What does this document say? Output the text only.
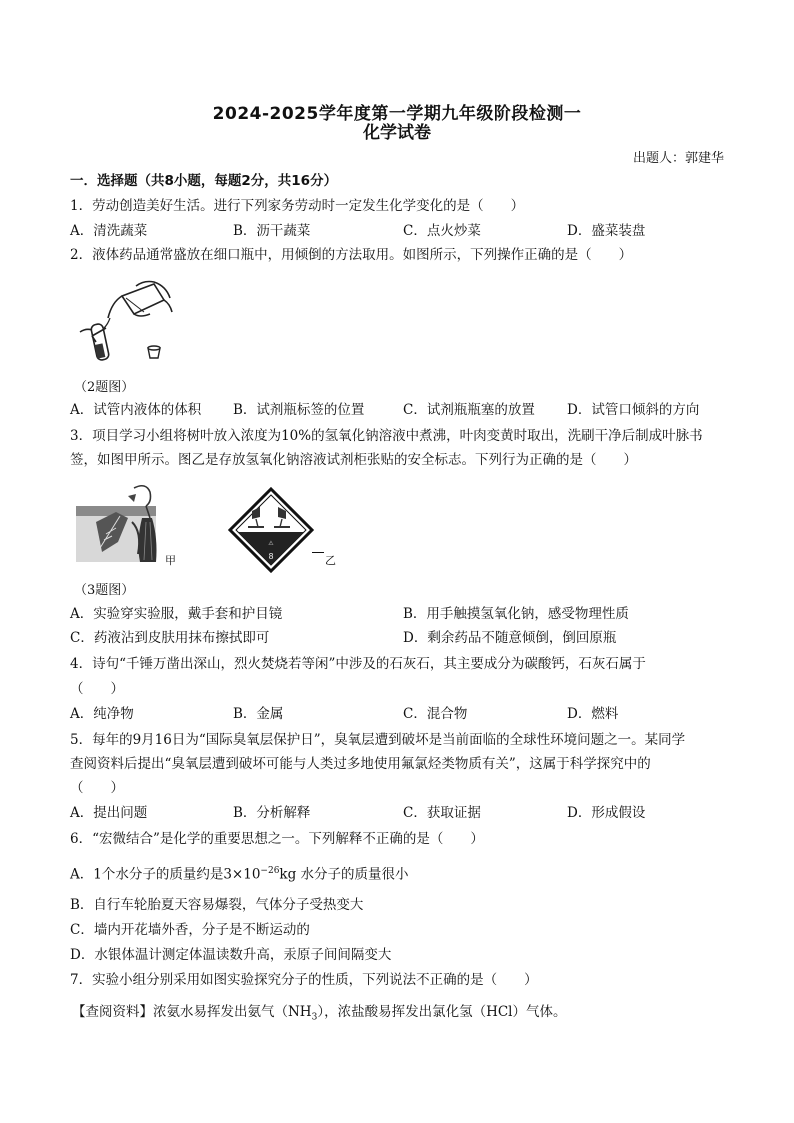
2024-2025学年度第一学期九年级阶段检测一
化学试卷
出题人：郭建华
一．选择题（共8小题，每题2分，共16分）
1．劳动创造美好生活。进行下列家务劳动时一定发生化学变化的是（　　）
A．清洗蔬菜	B．沥干蔬菜	C．点火炒菜	D．盛菜装盘
2．液体药品通常盛放在细口瓶中，用倾倒的方法取用。如图所示，下列操作正确的是（　　）
（2题图）
A．试管内液体的体积 B．试剂瓶标签的位置	C．试剂瓶瓶塞的放置 D．试管口倾斜的方向
3．项目学习小组将树叶放入浓度为10%的氢氧化钠溶液中煮沸，叶肉变黄时取出，洗刷干净后制成叶脉书
签，如图甲所示。图乙是存放氢氧化钠溶液试剂柜张贴的安全标志。下列行为正确的是（　　）
甲
⚠
8	乙
（3题图）
A．实验穿实验服，戴手套和护目镜	B．用手触摸氢氧化钠，感受物理性质
C．药液沾到皮肤用抹布擦拭即可	D．剩余药品不随意倾倒，倒回原瓶
4．诗句“千锤万凿出深山，烈火焚烧若等闲”中涉及的石灰石，其主要成分为碳酸钙，石灰石属于
（　　）
A．纯净物	B．金属	C．混合物	D．燃料
5．每年的9月16日为“国际臭氧层保护日”，臭氧层遭到破坏是当前面临的全球性环境问题之一。某同学
查阅资料后提出“臭氧层遭到破坏可能与人类过多地使用氟氯烃类物质有关”，这属于科学探究中的
（　　）
A．提出问题	B．分析解释	C．获取证据	D．形成假设
6．“宏微结合”是化学的重要思想之一。下列解释不正确的是（　　）
A．1个水分子的质量约是$3\times 10^{-26}kg$ 水分子的质量很小
B．自行车轮胎夏天容易爆裂，气体分子受热变大
C．墙内开花墙外香，分子是不断运动的
D．水银体温计测定体温读数升高，汞原子间间隔变大
7．实验小组分别采用如图实验探究分子的性质，下列说法不正确的是（　　）
【查阅资料】浓氨水易挥发出氨气$(NH_3)$，浓盐酸易挥发出氯化氢（HCl）气体。
